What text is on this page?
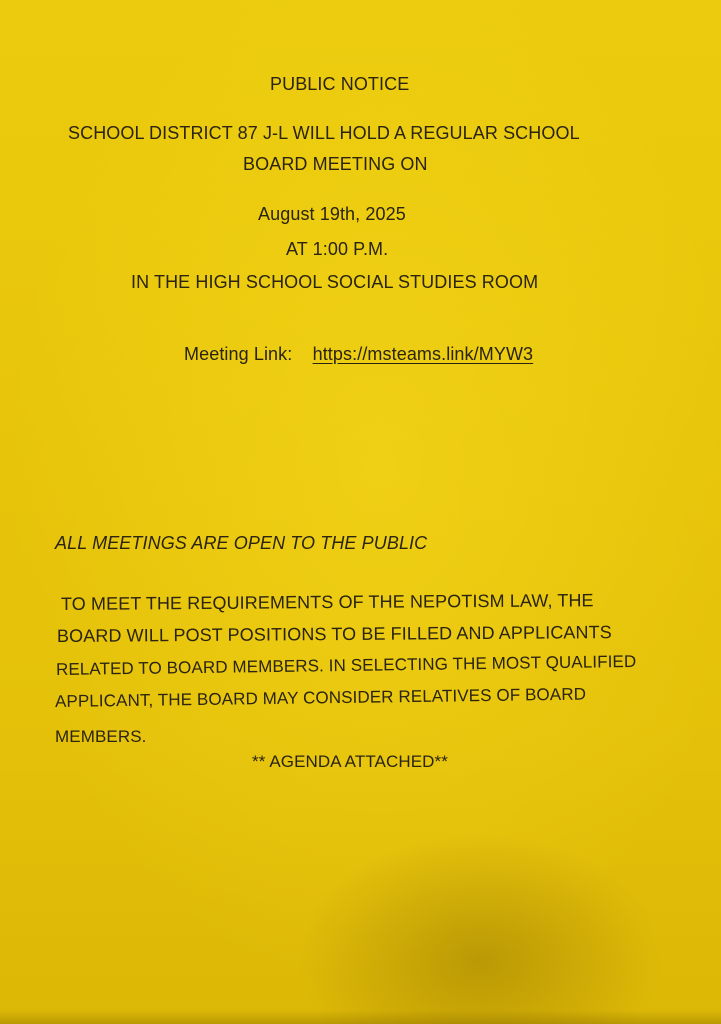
PUBLIC NOTICE
SCHOOL DISTRICT 87 J-L WILL HOLD A REGULAR SCHOOL
BOARD MEETING ON
August 19th, 2025
AT 1:00 P.M.
IN THE HIGH SCHOOL SOCIAL STUDIES ROOM
Meeting Link: https://msteams.link/MYW3
ALL MEETINGS ARE OPEN TO THE PUBLIC
TO MEET THE REQUIREMENTS OF THE NEPOTISM LAW, THE
BOARD WILL POST POSITIONS TO BE FILLED AND APPLICANTS
RELATED TO BOARD MEMBERS. IN SELECTING THE MOST QUALIFIED
APPLICANT, THE BOARD MAY CONSIDER RELATIVES OF BOARD
MEMBERS.
** AGENDA ATTACHED**
